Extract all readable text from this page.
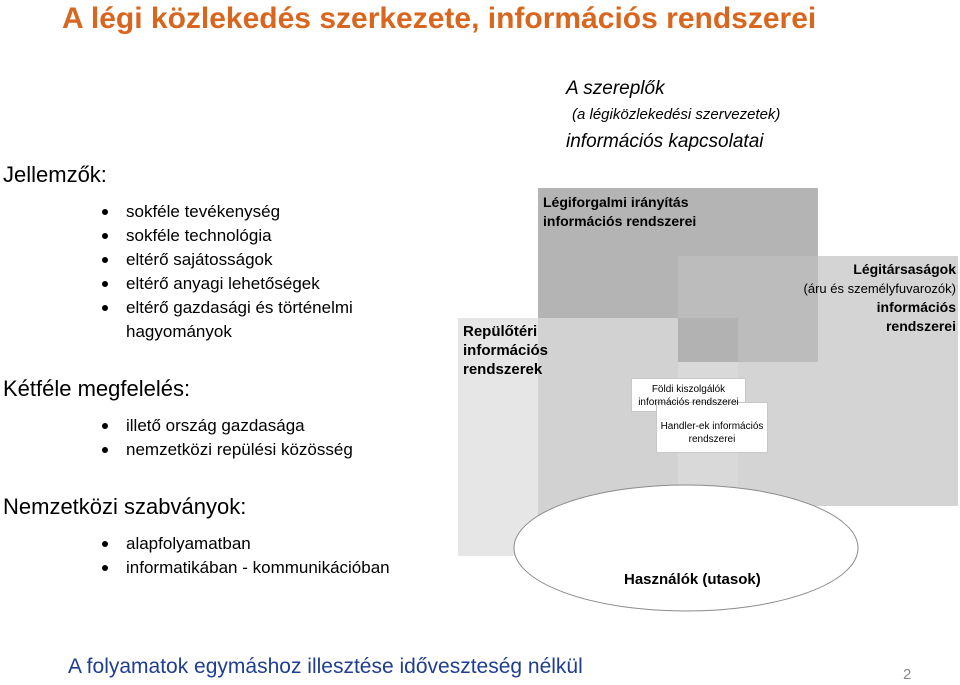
A légi közlekedés szerkezete, információs rendszerei
Jellemzők:
sokféle tevékenység
sokféle technológia
eltérő sajátosságok
eltérő anyagi lehetőségek
eltérő gazdasági és történelmi
hagyományok
Kétféle megfelelés:
illető ország gazdasága
nemzetközi repülési közösség
Nemzetközi szabványok:
alapfolyamatban
informatikában - kommunikációban
A szereplők
(a légiközlekedési szervezetek)
információs kapcsolatai
Légiforgalmi irányítás
információs rendszerei
Repülőtéri
információs
rendszerek
Légitársaságok
(áru és személyfuvarozók)
információs
rendszerei
Földi kiszolgálók
információs rendszerei
Handler-ek információs
rendszerei
Használók (utasok)
A folyamatok egymáshoz illesztése időveszteség nélkül	2
